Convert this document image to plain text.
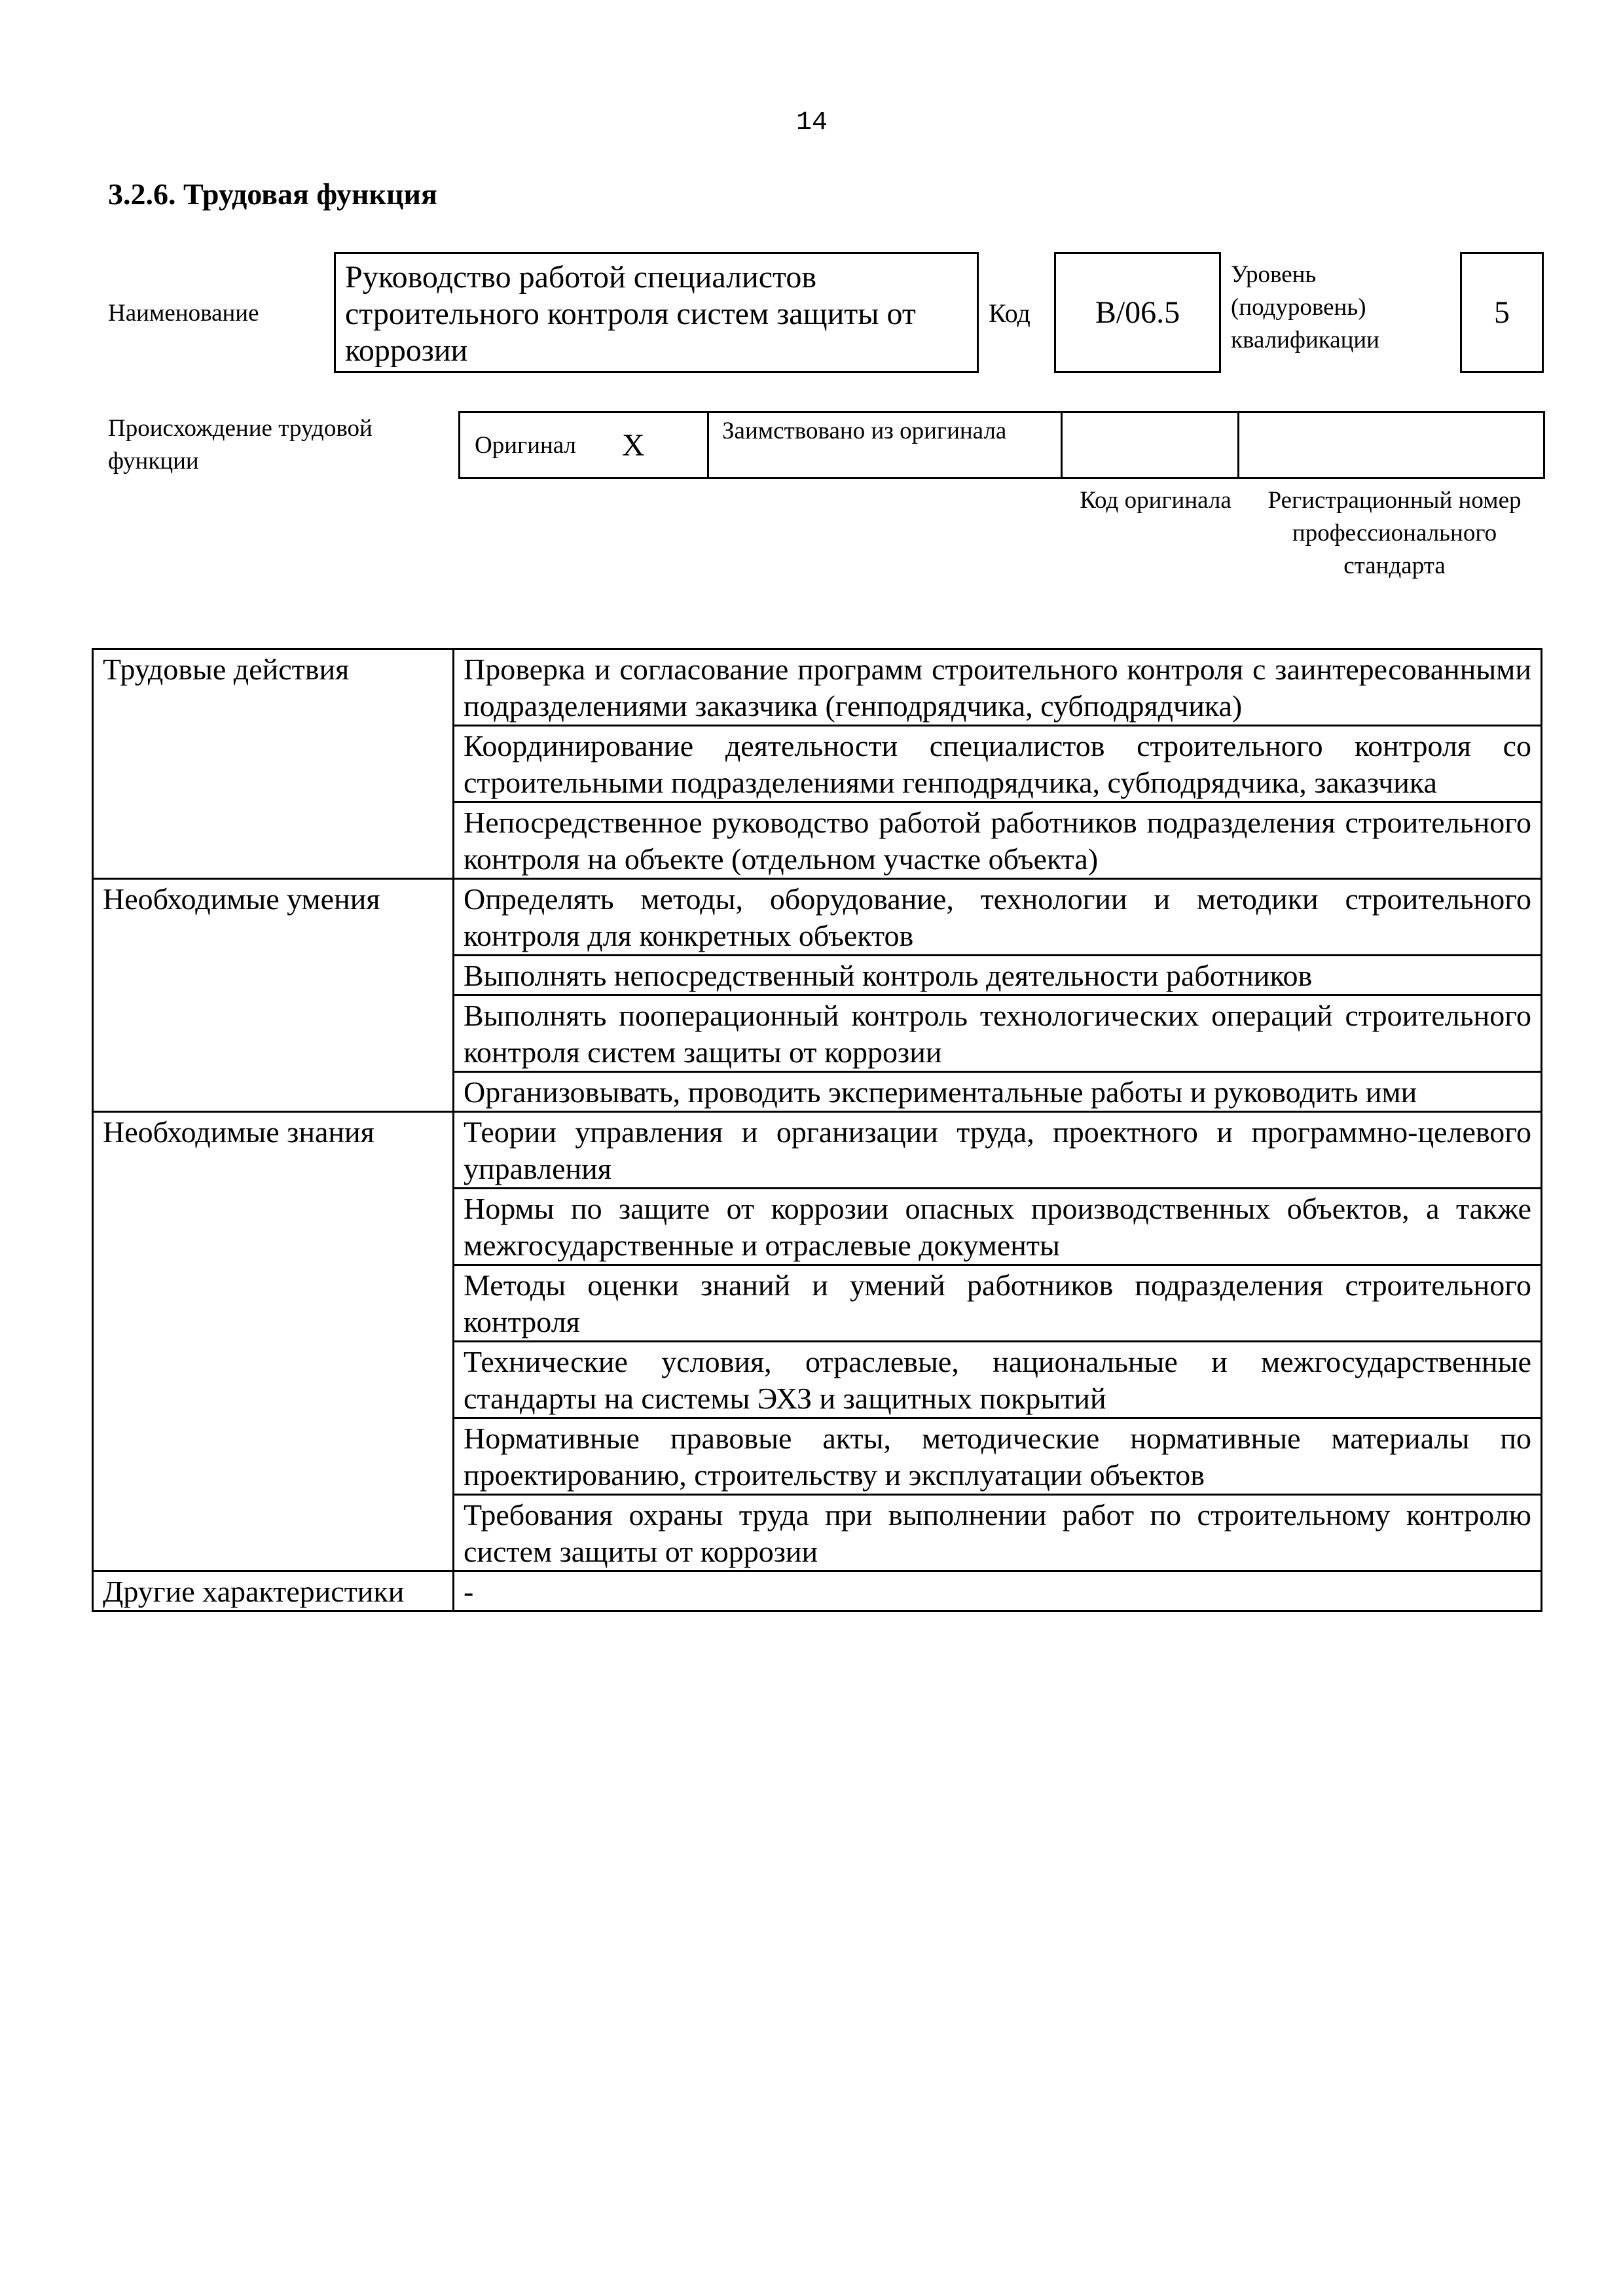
14
3.2.6. Трудовая функция
Наименование
Руководство работой специалистов строительного контроля систем защиты от коррозии
Код	B/06.5
Уровень (подуровень) квалификации
5
Происхождение трудовой функции
Оригинал X	Заимствовано из оригинала
Код оригинала	Регистрационный номер профессионального стандарта
Трудовые действия	Проверка и согласование программ строительного контроля с заинтересованными подразделениями заказчика (генподрядчика, субподрядчика)
	Координирование деятельности специалистов строительного контроля со строительными подразделениями генподрядчика, субподрядчика, заказчика
	Непосредственное руководство работой работников подразделения строительного контроля на объекте (отдельном участке объекта)
Необходимые умения	Определять методы, оборудование, технологии и методики строительного контроля для конкретных объектов
	Выполнять непосредственный контроль деятельности работников
	Выполнять пооперационный контроль технологических операций строительного контроля систем защиты от коррозии
	Организовывать, проводить экспериментальные работы и руководить ими
Необходимые знания	Теории управления и организации труда, проектного и программно-целевого управления
	Нормы по защите от коррозии опасных производственных объектов, а также межгосударственные и отраслевые документы
	Методы оценки знаний и умений работников подразделения строительного контроля
	Технические условия, отраслевые, национальные и межгосударственные стандарты на системы ЭХЗ и защитных покрытий
	Нормативные правовые акты, методические нормативные материалы по проектированию, строительству и эксплуатации объектов
	Требования охраны труда при выполнении работ по строительному контролю систем защиты от коррозии
Другие характеристики	-
